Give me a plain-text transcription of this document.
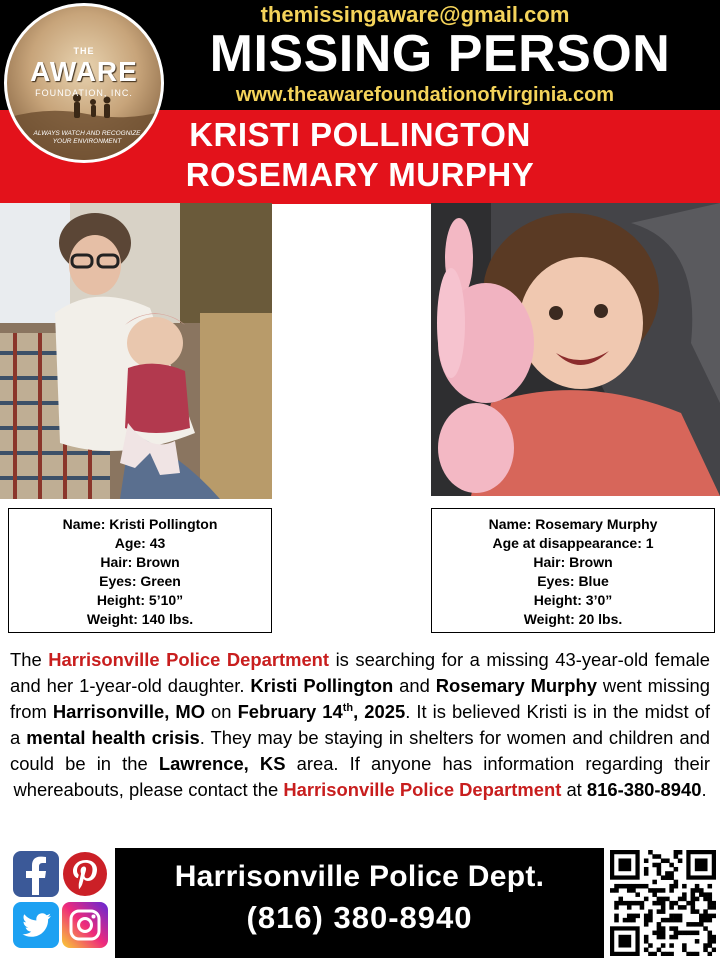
themissingaware@gmail.com
MISSING PERSON
www.theawarefoundationofvirginia.com
KRISTI POLLINGTON
ROSEMARY MURPHY
THE
AWARE
FOUNDATION, INC.
ALWAYS WATCH AND RECOGNIZE YOUR ENVIRONMENT
Name: Kristi Pollington
Age: 43
Hair: Brown
Eyes: Green
Height: 5’10”
Weight: 140 lbs.
Name: Rosemary Murphy
Age at disappearance: 1
Hair: Brown
Eyes: Blue
Height: 3’0”
Weight: 20 lbs.

The Harrisonville Police Department is searching for a missing 43-year-old female and her 1-year-old daughter. Kristi Pollington and Rosemary Murphy went missing from Harrisonville, MO on February 14th, 2025. It is believed Kristi is in the midst of a mental health crisis. They may be staying in shelters for women and children and could be in the Lawrence, KS area. If anyone has information regarding their whereabouts, please contact the Harrisonville Police Department at 816-380-8940.

Harrisonville Police Dept.
(816) 380-8940
